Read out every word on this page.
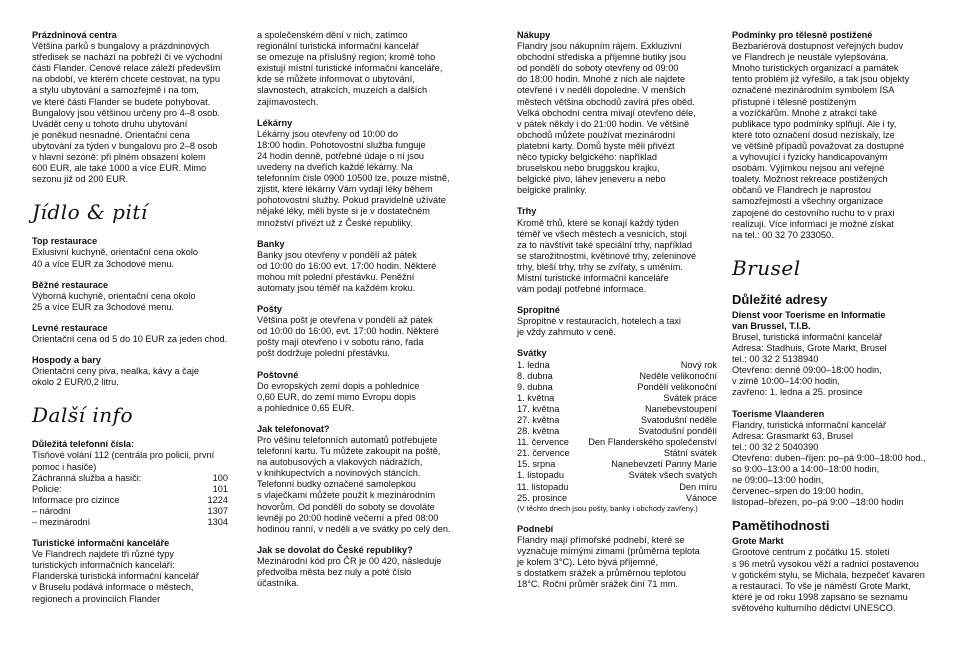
Prázdninová centra
Většina parků s bungalovy a prázdninových
středisek se nachází na pobřeží či ve východní
části Flander. Cenové relace záleží především
na období, ve kterém chcete cestovat, na typu
a stylu ubytování a samozřejmě i na tom,
ve které části Flander se budete pohybovat.
Bungalovy jsou většinou určeny pro 4–8 osob.
Uvádět ceny u tohoto druhu ubytování
je poněkud nesnadné. Orientační cena
ubytování za týden v bungalovu pro 2–8 osob
v hlavní sezóně: při plném obsazení kolem
600 EUR, ale také 1000 a více EUR. Mimo
sezonu již od 200 EUR.
Jídlo & pití
Top restaurace
Exlusivní kuchyně, orientační cena okolo
40 a více EUR za 3chodové menu.
Běžné restaurace
Výborná kuchyně, orientační cena okolo
25 a více EUR za 3chodové menu.
Levné restaurace
Orientační cena od 5 do 10 EUR za jeden chod.
Hospody a bary
Orientační ceny piva, nealka, kávy a čaje
okolo 2 EUR/0,2 litru.
Další info
Důležitá telefonní čísla:
Tísňové volání 112 (centrála pro policii, první
pomoc i hasiče)
Záchranná služba a hasiči:	100
Policie:	101
Informace pro cizince	1224
– národní	1307
– mezinárodní	1304
Turistické informační kanceláře
Ve Flandrech najdete tři různé typy
turistických informačních kanceláří:
Flanderská turistická informační kancelář
v Bruselu podává informace o městech,
regionech a provinciích Flander
a společenském dění v nich, zatímco
regionální turistická informační kancelář
se omezuje na příslušný region; kromě toho
existují místní turistické informační kanceláře,
kde se můžete informovat o ubytování,
slavnostech, atrakcích, muzeích a dalších
zajímavostech.
Lékárny
Lékárny jsou otevřeny od 10:00 do
18:00 hodin. Pohotovostní služba funguje
24 hodin denně, potřebné údaje o ní jsou
uvedeny na dveřích každé lékárny. Na
telefonním čísle 0900 10500 lze, pouze místně,
zjistit, které lékárny Vám vydají léky během
pohotovostní služby. Pokud pravidelně užíváte
nějaké léky, měli byste si je v dostatečném
množství přivézt už z České republiky.
Banky
Banky jsou otevřeny v pondělí až pátek
od 10:00 do 16:00 evt. 17:00 hodin. Některé
mohou mít polední přestávku. Peněžní
automaty jsou téměř na každém kroku.
Pošty
Většina pošt je otevřena v pondělí až pátek
od 10:00 do 16:00, evt. 17:00 hodin. Některé
pošty mají otevřeno i v sobotu ráno, řada
pošt dodržuje polední přestávku.
Poštovné
Do evropských zemí dopis a pohlednice
0,60 EUR, do zemí mimo Evropu dopis
a pohlednice 0,65 EUR.
Jak telefonovat?
Pro věšinu telefonních automatů potřebujete
telefonní kartu. Tu můžete zakoupit na poště,
na autobusových a vlakových nádražích,
v knihkupectvích a novinových stáncích.
Telefonní budky označené samolepkou
s vlaječkami můžete použít k mezinárodním
hovorům. Od pondělí do soboty se dovoláte
levněji po 20:00 hodině večerní a před 08:00
hodinou ranní, v neděli a ve svátky po celý den.
Jak se dovolat do České republiky?
Mezinárodní kód pro ČR je 00 420, následuje
předvolba města bez nuly a poté číslo
účastníka.
Nákupy
Flandry jsou nákupním rájem. Exkluzivní
obchodní střediska a příjemné butiky jsou
od pondělí do soboty otevřeny od 09:00
do 18:00 hodin. Mnohé z nich ale najdete
otevřené i v neděli dopoledne. V menších
městech většina obchodů zavírá přes oběd.
Velká obchodní centra mívají otevřeno déle,
v pátek někdy i do 21:00 hodin. Ve většině
obchodů můžete používat mezinárodní
platební karty. Domů byste měli přivézt
něco typicky belgického: například
bruselskou nebo bruggskou krajku,
belgické pivo, láhev jeneveru a nebo
belgické pralinky.
Trhy
Kromě trhů, které se konají každý týden
téměř ve všech městech a vesnicích, stojí
za to navštívit také speciální trhy, například
se starožitnostmi, květinové trhy, zeleninové
trhy, bleší trhy, trhy se zvířaty, s uměním.
Místní turistické informační kanceláře
vám podají potřebné informace.
Spropitné
Spropitné v restauracích, hotelech a taxi
je vždy zahrnuto v ceně.
Svátky
1. ledna	Nový rok
8. dubna	Neděle velikonoční
9. dubna	Pondělí velikonoční
1. května	Svátek práce
17. května	Nanebevstoupení
27. května	Svatodušní neděle
28. května	Svatodušní pondělí
11. července Den Flanderského společenství
21. července	Státní svátek
15. srpna	Nanebevzetí Panny Marie
1. listopadu	Svátek všech svatých
11. listopadu	Den míru
25. prosince	Vánoce
(V těchto dnech jsou pošty, banky i obchody zavřeny.)
Podnebí
Flandry mají přímořské podnebí, které se
vyznačuje mírnými zimami (průměrná teplota
je kolem 3°C). Léto bývá příjemné,
s dostatkem srážek a průměrnou teplotou
18°C. Roční průměr srážek činí 71 mm.
Podmínky pro tělesně postižené
Bezbariérová dostupnost veřejných budov
ve Flandrech je neustále vylepšována.
Mnoho turistických organizací a památek
tento problém již vyřešilo, a tak jsou objekty
označené mezinárodním symbolem ISA
přístupné i tělesně postiženým
a vozíčkářům. Mnohé z atrakcí také
publikace typo podmínky splňují. Ale i ty,
které toto označení dosud nezískaly, lze
ve většině případů považovat za dostupné
a vyhovující i fyzicky handicapovaným
osobám. Výjimkou nejsou ani veřejné
toalety. Možnost rekreace postižených
občanů ve Flandrech je naprostou
samozřejmostí a všechny organizace
zapojené do cestovního ruchu to v praxi
realizují. Více informací je možné získat
na tel.: 00 32 70 233050.
Brusel
Důležité adresy
Dienst voor Toerisme en Informatie
van Brussel, T.I.B.
Brusel, turistická informační kancelář
Adresa: Stadhuis, Grote Markt, Brusel
tel.: 00 32 2 5138940
Otevřeno: denně 09:00–18:00 hodin,
v zimě 10:00–14:00 hodin,
zavřeno: 1. ledna a 25. prosince
Toerisme Vlaanderen
Flandry, turistická informační kancelář
Adresa: Grasmarkt 63, Brusel
tel.: 00 32 2 5040390
Otevřeno: duben–říjen: po–pá 9:00–18:00 hod.,
so 9:00–13:00 a 14:00–18:00 hodin,
ne 09:00–13:00 hodin,
červenec–srpen do 19:00 hodin,
listopad–březen, po–pá 9:00 –18:00 hodin
Pamětihodnosti
Grote Markt
Grootové centrum z počátku 15. století
s 96 metrů vysokou věží a radnicí postavenou
v gotickém stylu, se Michala, bezpečeť kavaren
a restaurací. To vše je náměstí Grote Markt,
které je od roku 1998 zapsáno se seznamu
světového kulturního dědictví UNESCO.
